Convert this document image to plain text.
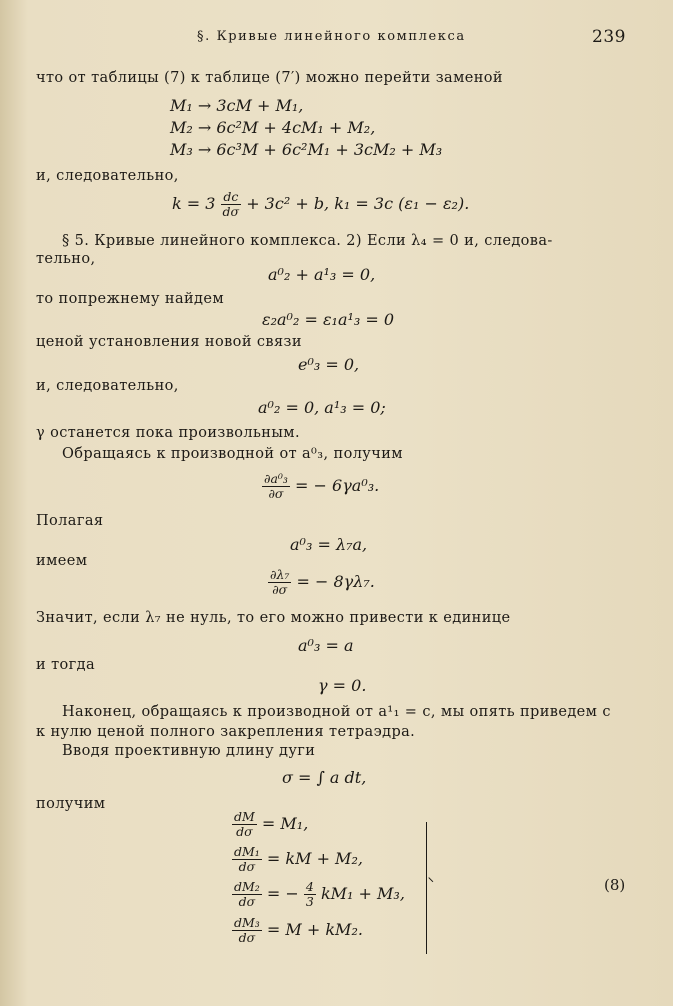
§. Кривые линейного комплекса	239
что от таблицы (7) к таблице (7′) можно перейти заменой
M₁ → 3cM + M₁,
M₂ → 6c²M + 4cM₁ + M₂,
M₃ → 6c³M + 6c²M₁ + 3cM₂ + M₃
и, следовательно,
$k = 3 \frac{dc}{d\sigma} + 3c^2 + b$, k₁ = 3c (ε₁ − ε₂).
§ 5. Кривые линейного комплекса. 2) Если λ₄ = 0 и, следова-
тельно,
a⁰₂ + a¹₃ = 0,
то попрежнему найдем
ε₂a⁰₂ = ε₁a¹₃ = 0
ценой установления новой связи
e⁰₃ = 0,
и, следовательно,
a⁰₂ = 0, a¹₃ = 0;
γ останется пока произвольным.
Обращаясь к производной от a⁰₃, получим
$\frac{\text{∂a⁰₃}}{\partial\sigma}$ = − 6γa⁰₃.
Полагая
a⁰₃ = λ₇a,
имеем
$\frac{\text{∂λ₇}}{\partial\sigma}$ = − 8γλ₇.
Значит, если λ₇ не нуль, то его можно привести к единице
a⁰₃ = a
и тогда
γ = 0.
Наконец, обращаясь к производной от a¹₁ = c, мы опять приведем c
к нулю ценой полного закрепления тетраэдра.
Вводя проективную длину дуги
σ = ∫ a dt,
получим
$\frac{dM}{d\sigma} = M_1$,
$\frac{\text{dM₁}}{d\sigma}$ = kM + M₂,
$\frac{\text{dM₂}}{d\sigma}$ = − $\frac{4}{3} kM_1 + M_3$,
$\frac{\text{dM₃}}{d\sigma} = M + kM_2$.
(8)
